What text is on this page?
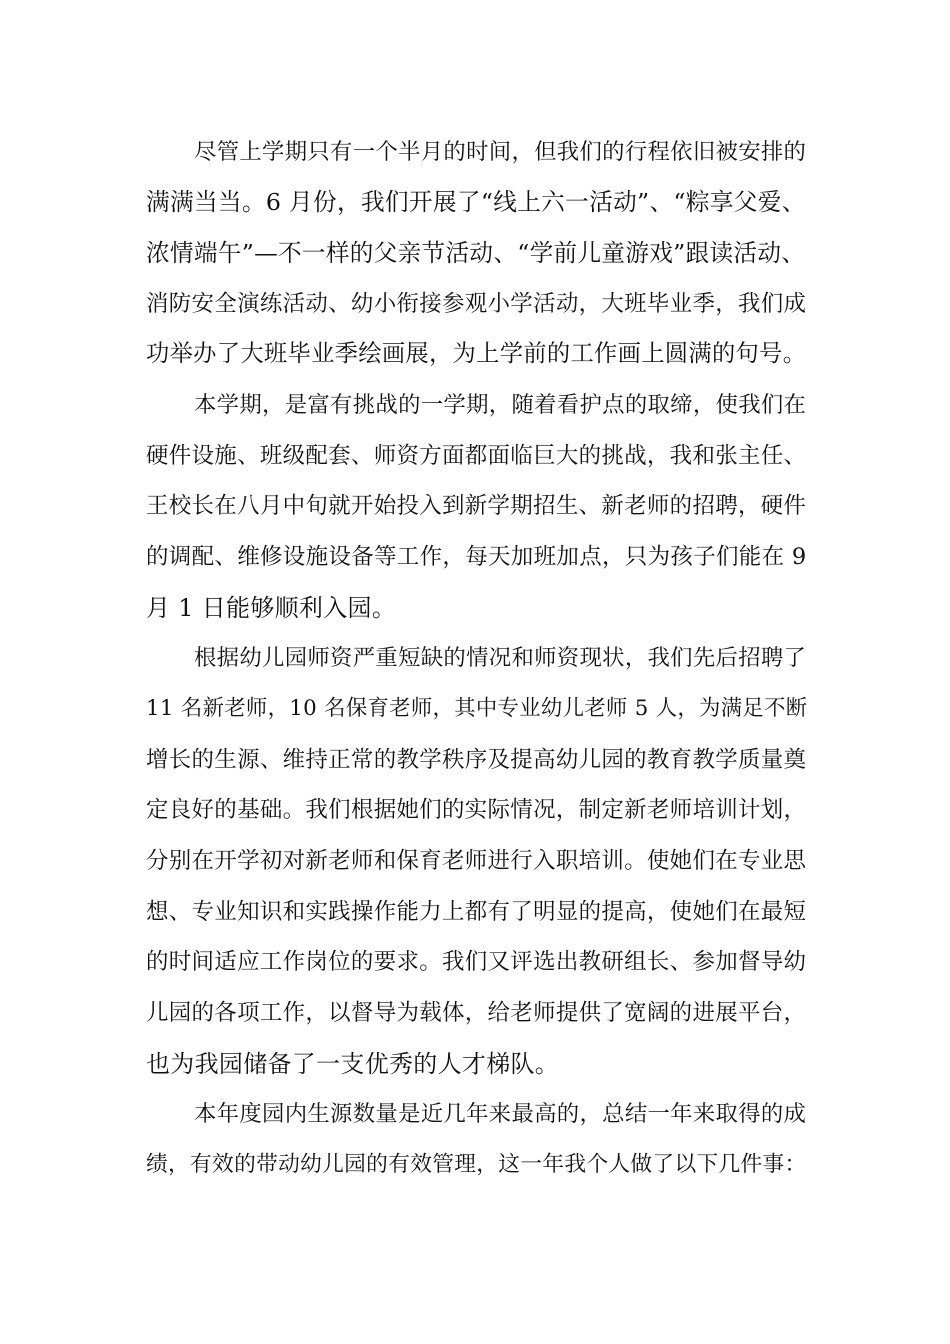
尽管上学期只有一个半月的时间，但我们的行程依旧被安排的

满满当当。6 月份，我们开展了“线上六一活动”、“粽享父爱、

浓情端午”—不一样的父亲节活动、“学前儿童游戏”跟读活动、

消防安全演练活动、幼小衔接参观小学活动，大班毕业季，我们成

功举办了大班毕业季绘画展，为上学前的工作画上圆满的句号。

本学期，是富有挑战的一学期，随着看护点的取缔，使我们在

硬件设施、班级配套、师资方面都面临巨大的挑战，我和张主任、

王校长在八月中旬就开始投入到新学期招生、新老师的招聘，硬件

的调配、维修设施设备等工作，每天加班加点，只为孩子们能在 9

月 1 日能够顺利入园。

根据幼儿园师资严重短缺的情况和师资现状，我们先后招聘了

11 名新老师，10 名保育老师，其中专业幼儿老师 5 人，为满足不断

增长的生源、维持正常的教学秩序及提高幼儿园的教育教学质量奠

定良好的基础。我们根据她们的实际情况，制定新老师培训计划，

分别在开学初对新老师和保育老师进行入职培训。使她们在专业思

想、专业知识和实践操作能力上都有了明显的提高，使她们在最短

的时间适应工作岗位的要求。我们又评选出教研组长、参加督导幼

儿园的各项工作，以督导为载体，给老师提供了宽阔的进展平台，

也为我园储备了一支优秀的人才梯队。

本年度园内生源数量是近几年来最高的，总结一年来取得的成

绩，有效的带动幼儿园的有效管理，这一年我个人做了以下几件事：
